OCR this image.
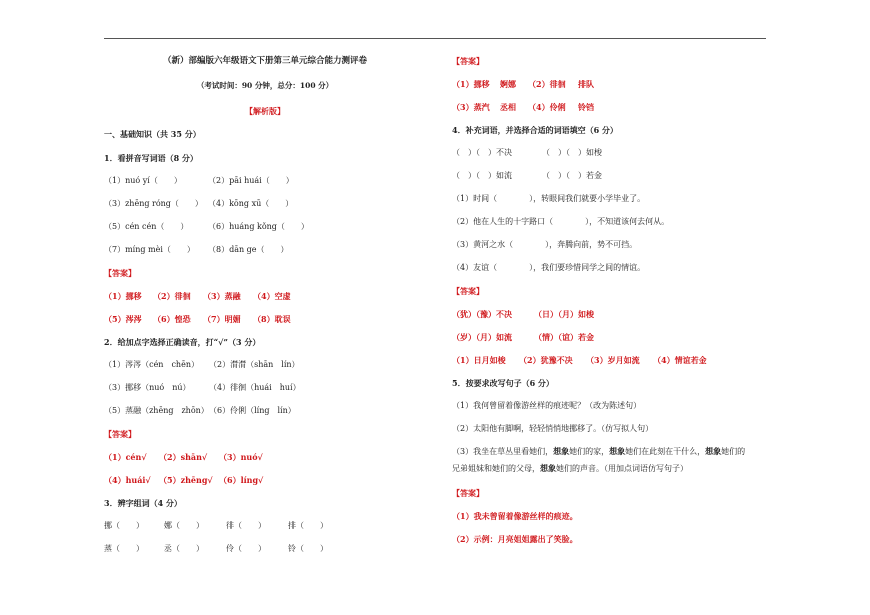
（新）部编版六年级语文下册第三单元综合能力测评卷
（考试时间：90 分钟，总分：100 分）
【解析版】
一、基础知识（共 35 分）
1．看拼音写词语（8 分）
（1）nuó yí（　　）	（2）pāi huái（　　）
（3）zhēng róng（　　） （4）kōng xū（　　）
（5）cén cén（　　） （6）huáng kǒng（　　）
（7）míng mèi（　　） （8）dān ge（　　）
【答案】
（1）挪移 （2）徘徊 （3）蒸融 （4）空虚
（5）涔涔 （6）惶恐 （7）明媚 （8）耽误
2．给加点字选择正确读音，打“√”（3 分）
（1）涔涔（cén　chēn） （2）潸潸（shān　lín）
（3）挪移（nuó　nú） （4）徘徊（huái　huí）
（5）蒸融（zhēng　zhōn）（6）伶俐（líng　lín）
【答案】
（1）cén√ （2）shān√ （3）nuó√
（4）huái√ （5）zhēng√ （6）líng√
3．辨字组词（4 分）
挪（　　）	娜（　　）	徘（　　）	排（　　）
蒸（　　）	丞（　　）	伶（　　）	铃（　　）
【答案】
（1）挪移 婀娜 （2）徘徊 排队
（3）蒸汽 丞相 （4）伶俐 铃铛
4．补充词语，并选择合适的词语填空（6 分）
（　）（　）不决	（　）（　）如梭
（　）（　）如流	（　）（　）若金
（1）时间（　　　　），转眼间我们就要小学毕业了。
（2）他在人生的十字路口（　　　　），不知道该何去何从。
（3）黄河之水（　　　　），奔腾向前，势不可挡。
（4）友谊（　　　　），我们要珍惜同学之间的情谊。
【答案】
（犹）（豫）不决	（日）（月）如梭
（岁）（月）如流	（情）（谊）若金
（1）日月如梭 （2）犹豫不决 （3）岁月如流 （4）情谊若金
5．按要求改写句子（6 分）
（1）我何曾留着像游丝样的痕迹呢？（改为陈述句）
（2）太阳他有脚啊，轻轻悄悄地挪移了。（仿写拟人句）
（3）我坐在草丛里看她们，想象她们的家，想象她们在此刻在干什么，想象她们的
兄弟姐妹和她们的父母，想象她们的声音。（用加点词语仿写句子）
【答案】
（1）我未曾留着像游丝样的痕迹。
（2）示例：月亮姐姐露出了笑脸。
